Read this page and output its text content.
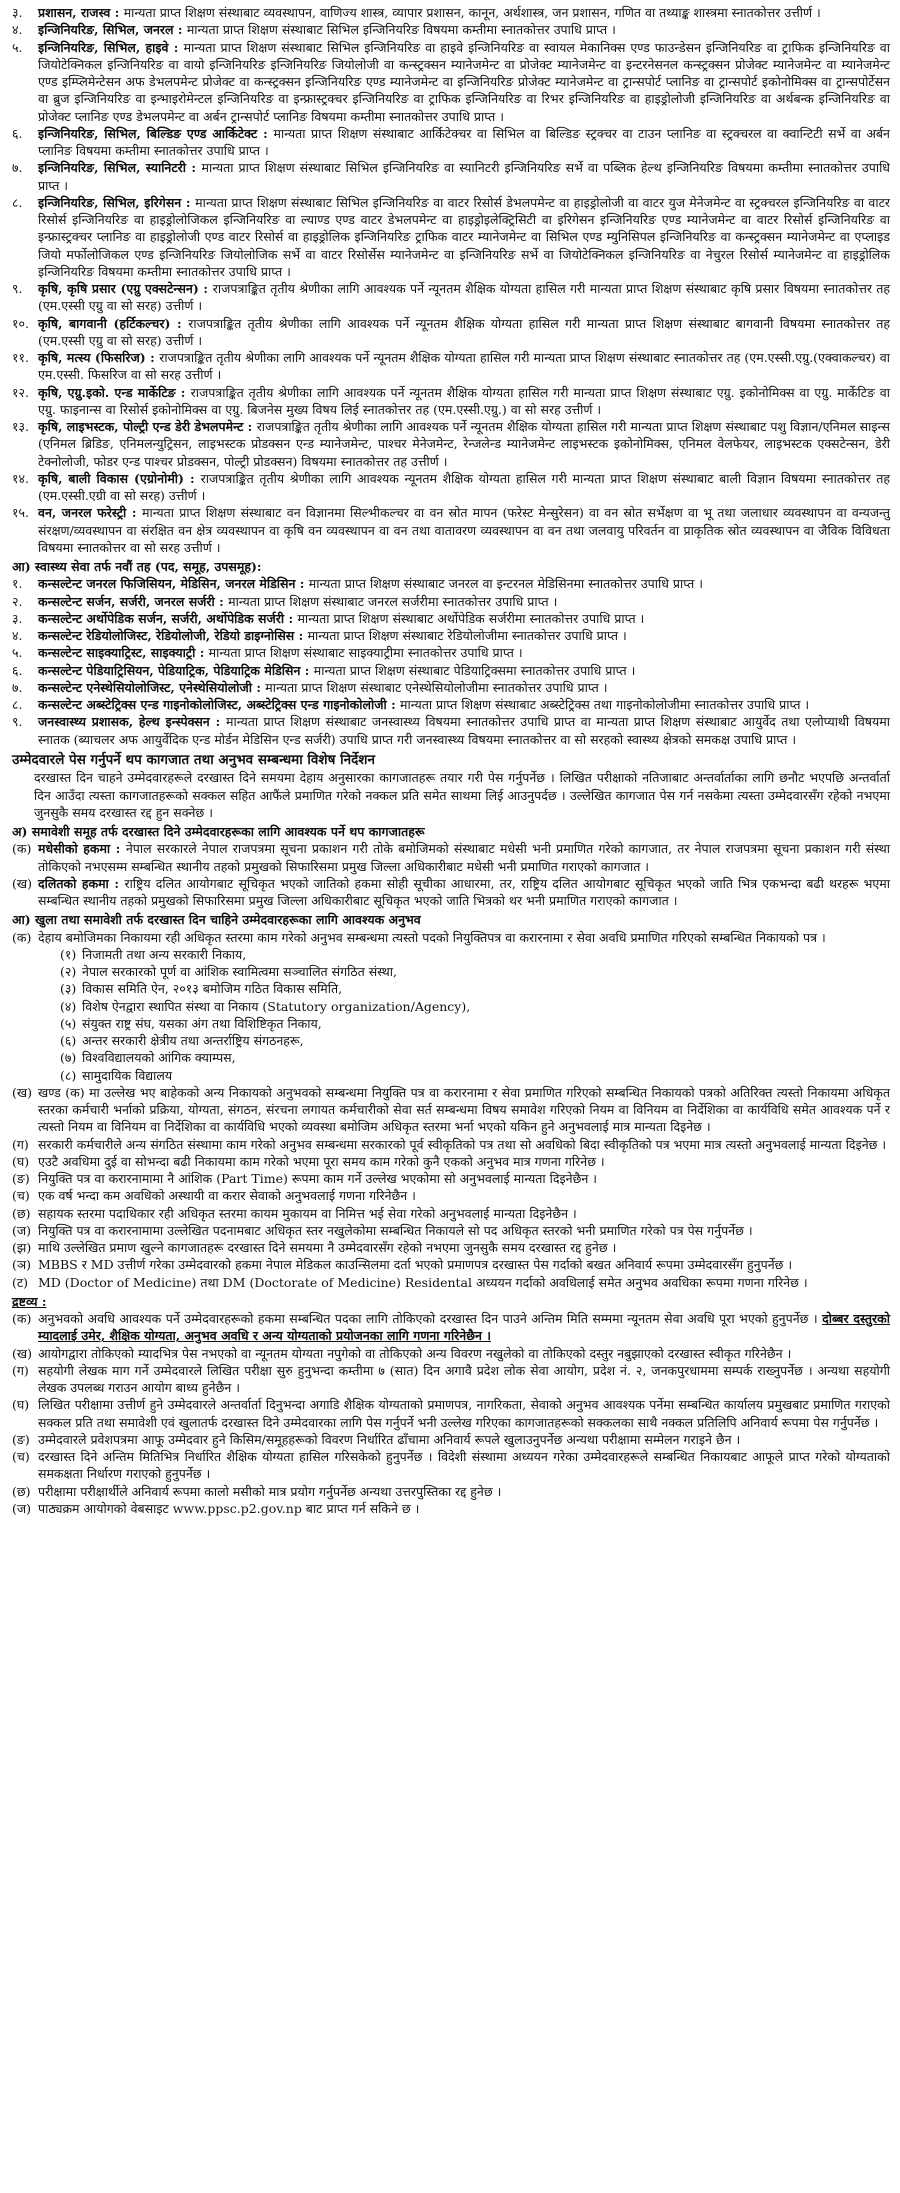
३.	प्रशासन, राजस्व : मान्यता प्राप्त शिक्षण संस्थाबाट व्यवस्थापन, वाणिज्य शास्त्र, व्यापार प्रशासन, कानून, अर्थशास्त्र, जन प्रशासन, गणित वा तथ्याङ्क शास्त्रमा स्नातकोत्तर उत्तीर्ण ।
४.	इन्जिनियरिङ, सिभिल, जनरल : मान्यता प्राप्त शिक्षण संस्थाबाट सिभिल इन्जिनियरिङ विषयमा कम्तीमा स्नातकोत्तर उपाधि प्राप्त ।
५.	इन्जिनियरिङ, सिभिल, हाइवे : मान्यता प्राप्त शिक्षण संस्थाबाट सिभिल इन्जिनियरिङ वा हाइवे इन्जिनियरिङ वा स्वायल मेकानिक्स एण्ड फाउन्डेसन इन्जिनियरिङ वा ट्राफिक इन्जिनियरिङ वा जियोटेक्निकल इन्जिनियरिङ वा वायो इन्जिनियरिङ इन्जिनियरिङ जियोलोजी वा कन्स्ट्रक्सन म्यानेजमेन्ट वा प्रोजेक्ट म्यानेजमेन्ट वा इन्टरनेसनल कन्स्ट्रक्सन प्रोजेक्ट म्यानेजमेन्ट वा म्यानेजमेन्ट एण्ड इम्प्लिमेन्टेसन अफ डेभलपमेन्ट प्रोजेक्ट वा कन्स्ट्रक्सन इन्जिनियरिङ एण्ड म्यानेजमेन्ट वा इन्जिनियरिङ प्रोजेक्ट म्यानेजमेन्ट वा ट्रान्सपोर्ट प्लानिङ वा ट्रान्सपोर्ट इकोनोमिक्स वा ट्रान्सपोर्टेसन वा ब्रुज इन्जिनियरिङ वा इन्भाइरोमेन्टल इन्जिनियरिङ वा इन्फ्रास्ट्रक्चर इन्जिनियरिङ वा ट्राफिक इन्जिनियरिङ वा रिभर इन्जिनियरिङ वा हाइड्रोलोजी इन्जिनियरिङ वा अर्थबन्क इन्जिनियरिङ वा प्रोजेक्ट प्लानिङ एण्ड डेभलपमेन्ट वा अर्बन ट्रान्सपोर्ट प्लानिङ विषयमा कम्तीमा स्नातकोत्तर उपाधि प्राप्त ।
६.	इन्जिनियरिङ, सिभिल, बिल्डिङ एण्ड आर्किटेक्ट : मान्यता प्राप्त शिक्षण संस्थाबाट आर्किटेक्चर वा सिभिल वा बिल्डिङ स्ट्रक्चर वा टाउन प्लानिङ वा स्ट्रक्चरल वा क्वान्टिटी सर्भे वा अर्बन प्लानिङ विषयमा कम्तीमा स्नातकोत्तर उपाधि प्राप्त ।
७.	इन्जिनियरिङ, सिभिल, स्यानिटरी : मान्यता प्राप्त शिक्षण संस्थाबाट सिभिल इन्जिनियरिङ वा स्यानिटरी इन्जिनियरिङ सर्भे वा पब्लिक हेल्थ इन्जिनियरिङ विषयमा कम्तीमा स्नातकोत्तर उपाधि प्राप्त ।
८.	इन्जिनियरिङ, सिभिल, इरिगेसन : मान्यता प्राप्त शिक्षण संस्थाबाट सिभिल इन्जिनियरिङ वा वाटर रिसोर्स डेभलपमेन्ट वा हाइड्रोलोजी वा वाटर युज मेनेजमेन्ट वा स्ट्रक्चरल इन्जिनियरिङ वा वाटर रिसोर्स इन्जिनियरिङ वा हाइड्रोलोजिकल इन्जिनियरिङ वा ल्याण्ड एण्ड वाटर डेभलपमेन्ट वा हाइड्रोइलेक्ट्रिसिटी वा इरिगेसन इन्जिनियरिङ एण्ड म्यानेजमेन्ट वा वाटर रिसोर्स इन्जिनियरिङ वा इन्फ्रास्ट्रक्चर प्लानिङ वा हाइड्रोलोजी एण्ड वाटर रिसोर्स वा हाइड्रोलिक इन्जिनियरिङ ट्राफिक वाटर म्यानेजमेन्ट वा सिभिल एण्ड म्युनिसिपल इन्जिनियरिङ वा कन्स्ट्रक्सन म्यानेजमेन्ट वा एप्लाइड जियो मर्फोलोजिकल एण्ड इन्जिनियरिङ जियोलोजिक सर्भे वा वाटर रिसोर्सेस म्यानेजमेन्ट वा इन्जिनियरिङ सर्भे वा जियोटेक्निकल इन्जिनियरिङ वा नेचुरल रिसोर्स म्यानेजमेन्ट वा हाइड्रोलिक इन्जिनियरिङ विषयमा कम्तीमा स्नातकोत्तर उपाधि प्राप्त ।
९.	कृषि, कृषि प्रसार (एग्रु एक्सटेन्सन) : राजपत्राङ्कित तृतीय श्रेणीका लागि आवश्यक पर्ने न्यूनतम शैक्षिक योग्यता हासिल गरी मान्यता प्राप्त शिक्षण संस्थाबाट कृषि प्रसार विषयमा स्नातकोत्तर तह (एम.एस्सी एग्रु वा सो सरह) उत्तीर्ण ।
१०. कृषि, बागवानी (हर्टिकल्चर) : राजपत्राङ्कित तृतीय श्रेणीका लागि आवश्यक पर्ने न्यूनतम शैक्षिक योग्यता हासिल गरी मान्यता प्राप्त शिक्षण संस्थाबाट बागवानी विषयमा स्नातकोत्तर तह (एम.एस्सी एग्रु वा सो सरह) उत्तीर्ण ।
११. कृषि, मत्स्य (फिसरिज) : राजपत्राङ्कित तृतीय श्रेणीका लागि आवश्यक पर्ने न्यूनतम शैक्षिक योग्यता हासिल गरी मान्यता प्राप्त शिक्षण संस्थाबाट स्नातकोत्तर तह (एम.एस्सी.एग्रु.(एक्वाकल्चर) वा एम.एस्सी. फिसरिज वा सो सरह उत्तीर्ण ।
१२. कृषि, एग्रु.इको. एन्ड मार्केटिङ : राजपत्राङ्कित तृतीय श्रेणीका लागि आवश्यक पर्ने न्यूनतम शैक्षिक योग्यता हासिल गरी मान्यता प्राप्त शिक्षण संस्थाबाट एग्रु. इकोनोमिक्स वा एग्रु. मार्केटिङ वा एग्रु. फाइनान्स वा रिसोर्स इकोनोमिक्स वा एग्रु. बिजनेस मुख्य विषय लिई स्नातकोत्तर तह (एम.एस्सी.एग्रु.) वा सो सरह उत्तीर्ण ।
१३. कृषि, लाइभस्टक, पोल्ट्री एन्ड डेरी डेभलपमेन्ट : राजपत्राङ्कित तृतीय श्रेणीका लागि आवश्यक पर्ने न्यूनतम शैक्षिक योग्यता हासिल गरी मान्यता प्राप्त शिक्षण संस्थाबाट पशु विज्ञान/एनिमल साइन्स (एनिमल ब्रिडिङ, एनिमलन्युट्रिसन, लाइभस्टक प्रोडक्सन एन्ड म्यानेजमेन्ट, पाश्चर मेनेजमेन्ट, रेन्जलेन्ड म्यानेजमेन्ट लाइभस्टक इकोनोमिक्स, एनिमल वेलफेयर, लाइभस्टक एक्सटेन्सन, डेरी टेक्नोलोजी, फोडर एन्ड पाश्चर प्रोडक्सन, पोल्ट्री प्रोडक्सन) विषयमा स्नातकोत्तर तह उत्तीर्ण ।
१४. कृषि, बाली विकास (एग्रोनोमी) : राजपत्राङ्कित तृतीय श्रेणीका लागि आवश्यक न्यूनतम शैक्षिक योग्यता हासिल गरी मान्यता प्राप्त शिक्षण संस्थाबाट बाली विज्ञान विषयमा स्नातकोत्तर तह (एम.एस्सी.एग्री वा सो सरह) उत्तीर्ण ।
१५. वन, जनरल फरेस्ट्री : मान्यता प्राप्त शिक्षण संस्थाबाट वन विज्ञानमा सिल्भीकल्चर वा वन स्रोत मापन (फरेस्ट मेन्सुरेसन) वा वन स्रोत सर्भेक्षण वा भू तथा जलाधार व्यवस्थापन वा वन्यजन्तु संरक्षण/व्यवस्थापन वा संरक्षित वन क्षेत्र व्यवस्थापन वा कृषि वन व्यवस्थापन वा वन तथा वातावरण व्यवस्थापन वा वन तथा जलवायु परिवर्तन वा प्राकृतिक स्रोत व्यवस्थापन वा जैविक विविधता विषयमा स्नातकोत्तर वा सो सरह उत्तीर्ण ।
आ) स्वास्थ्य सेवा तर्फ नवौं तह (पद, समूह, उपसमूह):
१.	कन्सल्टेन्ट जनरल फिजिसियन, मेडिसिन, जनरल मेडिसिन : मान्यता प्राप्त शिक्षण संस्थाबाट जनरल वा इन्टरनल मेडिसिनमा स्नातकोत्तर उपाधि प्राप्त ।
२.	कन्सल्टेन्ट सर्जन, सर्जरी, जनरल सर्जरी : मान्यता प्राप्त शिक्षण संस्थाबाट जनरल सर्जरीमा स्नातकोत्तर उपाधि प्राप्त ।
३.	कन्सल्टेन्ट अर्थोपेडिक सर्जन, सर्जरी, अर्थोपेडिक सर्जरी : मान्यता प्राप्त शिक्षण संस्थाबाट अर्थोपेडिक सर्जरीमा स्नातकोत्तर उपाधि प्राप्त ।
४.	कन्सल्टेन्ट रेडियोलोजिस्ट, रेडियोलोजी, रेडियो डाइग्नोसिस : मान्यता प्राप्त शिक्षण संस्थाबाट रेडियोलोजीमा स्नातकोत्तर उपाधि प्राप्त ।
५.	कन्सल्टेन्ट साइक्याट्रिस्ट, साइक्याट्री : मान्यता प्राप्त शिक्षण संस्थाबाट साइक्याट्रीमा स्नातकोत्तर उपाधि प्राप्त ।
६.	कन्सल्टेन्ट पेडियाट्रिसियन, पेडियाट्रिक, पेडियाट्रिक मेडिसिन : मान्यता प्राप्त शिक्षण संस्थाबाट पेडियाट्रिक्समा स्नातकोत्तर उपाधि प्राप्त ।
७.	कन्सल्टेन्ट एनेस्थेसियोलोजिस्ट, एनेस्थेसियोलोजी : मान्यता प्राप्त शिक्षण संस्थाबाट एनेस्थेसियोलोजीमा स्नातकोत्तर उपाधि प्राप्त ।
८.	कन्सल्टेन्ट अब्स्टेट्रिक्स एन्ड गाइनोकोलोजिस्ट, अब्स्टेट्रिक्स एन्ड गाइनोकोलोजी : मान्यता प्राप्त शिक्षण संस्थाबाट अब्स्टेट्रिक्स तथा गाइनोकोलोजीमा स्नातकोत्तर उपाधि प्राप्त ।
९.	जनस्वास्थ्य प्रशासक, हेल्थ इन्स्पेक्सन : मान्यता प्राप्त शिक्षण संस्थाबाट जनस्वास्थ्य विषयमा स्नातकोत्तर उपाधि प्राप्त वा मान्यता प्राप्त शिक्षण संस्थाबाट आयुर्वेद तथा एलोप्याथी विषयमा स्नातक (ब्याचलर अफ आयुर्वेदिक एन्ड मोर्डन मेडिसिन एन्ड सर्जरी) उपाधि प्राप्त गरी जनस्वास्थ्य विषयमा स्नातकोत्तर वा सो सरहको स्वास्थ्य क्षेत्रको समकक्ष उपाधि प्राप्त ।
उम्मेदवारले पेस गर्नुपर्ने थप कागजात तथा अनुभव सम्बन्धमा विशेष निर्देशन
दरखास्त दिन चाहने उम्मेदवारहरूले दरखास्त दिने समयमा देहाय अनुसारका कागजातहरू तयार गरी पेस गर्नुपर्नेछ । लिखित परीक्षाको नतिजाबाट अन्तर्वार्ताका लागि छनौट भएपछि अन्तर्वार्ता दिन आउँदा त्यस्ता कागजातहरूको सक्कल सहित आफैंले प्रमाणित गरेको नक्कल प्रति समेत साथमा लिई आउनुपर्दछ । उल्लेखित कागजात पेस गर्न नसकेमा त्यस्ता उम्मेदवारसँग रहेको नभएमा जुनसुकै समय दरखास्त रद्द हुन सक्नेछ ।
अ) समावेशी समूह तर्फ दरखास्त दिने उम्मेदवारहरूका लागि आवश्यक पर्ने थप कागजातहरू
(क) मधेसीको हकमा : नेपाल सरकारले नेपाल राजपत्रमा सूचना प्रकाशन गरी तोके बमोजिमको संस्थाबाट मधेसी भनी प्रमाणित गरेको कागजात, तर नेपाल राजपत्रमा सूचना प्रकाशन गरी संस्था तोकिएको नभएसम्म सम्बन्धित स्थानीय तहको प्रमुखको सिफारिसमा प्रमुख जिल्ला अधिकारीबाट मधेसी भनी प्रमाणित गराएको कागजात ।
(ख) दलितको हकमा : राष्ट्रिय दलित आयोगबाट सूचिकृत भएको जातिको हकमा सोही सूचीका आधारमा, तर, राष्ट्रिय दलित आयोगबाट सूचिकृत भएको जाति भित्र एकभन्दा बढी थरहरू भएमा सम्बन्धित स्थानीय तहको प्रमुखको सिफारिसमा प्रमुख जिल्ला अधिकारीबाट सूचिकृत भएको जाति भित्रको थर भनी प्रमाणित गराएको कागजात ।
आ) खुला तथा समावेशी तर्फ दरखास्त दिन चाहिने उम्मेदवारहरूका लागि आवश्यक अनुभव
(क) देहाय बमोजिमका निकायमा रही अधिकृत स्तरमा काम गरेको अनुभव सम्बन्धमा त्यस्तो पदको नियुक्तिपत्र वा करारनामा र सेवा अवधि प्रमाणित गरिएको सम्बन्धित निकायको पत्र ।
(१) निजामती तथा अन्य सरकारी निकाय,
(२) नेपाल सरकारको पूर्ण वा आंशिक स्वामित्वमा सञ्चालित संगठित संस्था,
(३) विकास समिति ऐन, २०१३ बमोजिम गठित विकास समिति,
(४) विशेष ऐनद्वारा स्थापित संस्था वा निकाय (Statutory organization/Agency),
(५) संयुक्त राष्ट्र संघ, यसका अंग तथा विशिष्टिकृत निकाय,
(६) अन्तर सरकारी क्षेत्रीय तथा अन्तर्राष्ट्रिय संगठनहरू,
(७) विश्वविद्यालयको आंगिक क्याम्पस,
(८) सामुदायिक विद्यालय
(ख) खण्ड (क) मा उल्लेख भए बाहेकको अन्य निकायको अनुभवको सम्बन्धमा नियुक्ति पत्र वा करारनामा र सेवा प्रमाणित गरिएको सम्बन्धित निकायको पत्रको अतिरिक्त त्यस्तो निकायमा अधिकृत स्तरका कर्मचारी भर्नाको प्रक्रिया, योग्यता, संगठन, संरचना लगायत कर्मचारीको सेवा सर्त सम्बन्धमा विषय समावेश गरिएको नियम वा विनियम वा निर्देशिका वा कार्यविधि समेत आवश्यक पर्ने र त्यस्तो नियम वा विनियम वा निर्देशिका वा कार्यविधि भएको व्यवस्था बमोजिम अधिकृत स्तरमा भर्ना भएको यकिन हुने अनुभवलाई मात्र मान्यता दिइनेछ ।
(ग) सरकारी कर्मचारीले अन्य संगठित संस्थामा काम गरेको अनुभव सम्बन्धमा सरकारको पूर्व स्वीकृतिको पत्र तथा सो अवधिको बिदा स्वीकृतिको पत्र भएमा मात्र त्यस्तो अनुभवलाई मान्यता दिइनेछ ।
(घ) एउटै अवधिमा दुई वा सोभन्दा बढी निकायमा काम गरेको भएमा पूरा समय काम गरेको कुनै एकको अनुभव मात्र गणना गरिनेछ ।
(ङ) नियुक्ति पत्र वा करारनामामा नै आंशिक (Part Time) रूपमा काम गर्ने उल्लेख भएकोमा सो अनुभवलाई मान्यता दिइनेछैन ।
(च) एक वर्ष भन्दा कम अवधिको अस्थायी वा करार सेवाको अनुभवलाई गणना गरिनेछैन ।
(छ) सहायक स्तरमा पदाधिकार रही अधिकृत स्तरमा कायम मुकायम वा निमित्त भई सेवा गरेको अनुभवलाई मान्यता दिइनेछैन ।
(ज) नियुक्ति पत्र वा करारनामामा उल्लेखित पदनामबाट अधिकृत स्तर नखुलेकोमा सम्बन्धित निकायले सो पद अधिकृत स्तरको भनी प्रमाणित गरेको पत्र पेस गर्नुपर्नेछ ।
(झ) माथि उल्लेखित प्रमाण खुल्ने कागजातहरू दरखास्त दिने समयमा नै उम्मेदवारसँग रहेको नभएमा जुनसुकै समय दरखास्त रद्द हुनेछ ।
(ञ) MBBS र MD उत्तीर्ण गरेका उम्मेदवारको हकमा नेपाल मेडिकल काउन्सिलमा दर्ता भएको प्रमाणपत्र दरखास्त पेस गर्दाको बखत अनिवार्य रूपमा उम्मेदवारसँग हुनुपर्नेछ ।
(ट) MD (Doctor of Medicine) तथा DM (Doctorate of Medicine) Residental अध्ययन गर्दाको अवधिलाई समेत अनुभव अवधिका रूपमा गणना गरिनेछ ।
द्रष्टव्य :
(क) अनुभवको अवधि आवश्यक पर्ने उम्मेदवारहरूको हकमा सम्बन्धित पदका लागि तोकिएको दरखास्त दिन पाउने अन्तिम मिति सम्ममा न्यूनतम सेवा अवधि पूरा भएको हुनुपर्नेछ । दोब्बर दस्तुरको म्यादलाई उमेर, शैक्षिक योग्यता, अनुभव अवधि र अन्य योग्यताको प्रयोजनका लागि गणना गरिनेछैन ।
(ख) आयोगद्वारा तोकिएको म्यादभित्र पेस नभएको वा न्यूनतम योग्यता नपुगेको वा तोकिएको अन्य विवरण नखुलेको वा तोकिएको दस्तुर नबुझाएको दरखास्त स्वीकृत गरिनेछैन ।
(ग) सहयोगी लेखक माग गर्ने उम्मेदवारले लिखित परीक्षा सुरु हुनुभन्दा कम्तीमा ७ (सात) दिन अगावै प्रदेश लोक सेवा आयोग, प्रदेश नं. २, जनकपुरधाममा सम्पर्क राख्नुपर्नेछ । अन्यथा सहयोगी लेखक उपलब्ध गराउन आयोग बाध्य हुनेछैन ।
(घ) लिखित परीक्षामा उत्तीर्ण हुने उम्मेदवारले अन्तर्वार्ता दिनुभन्दा अगाडि शैक्षिक योग्यताको प्रमाणपत्र, नागरिकता, सेवाको अनुभव आवश्यक पर्नेमा सम्बन्धित कार्यालय प्रमुखबाट प्रमाणित गराएको सक्कल प्रति तथा समावेशी एवं खुलातर्फ दरखास्त दिने उम्मेदवारका लागि पेस गर्नुपर्ने भनी उल्लेख गरिएका कागजातहरूको सक्कलका साथै नक्कल प्रतिलिपि अनिवार्य रूपमा पेस गर्नुपर्नेछ ।
(ङ) उम्मेदवारले प्रवेशपत्रमा आफू उम्मेदवार हुने किसिम/समूहहरूको विवरण निर्धारित ढाँचामा अनिवार्य रूपले खुलाउनुपर्नेछ अन्यथा परीक्षामा सम्मेलन गराइने छैन ।
(च) दरखास्त दिने अन्तिम मितिभित्र निर्धारित शैक्षिक योग्यता हासिल गरिसकेको हुनुपर्नेछ । विदेशी संस्थामा अध्ययन गरेका उम्मेदवारहरूले सम्बन्धित निकायबाट आफूले प्राप्त गरेको योग्यताको समकक्षता निर्धारण गराएको हुनुपर्नेछ ।
(छ) परीक्षामा परीक्षार्थीले अनिवार्य रूपमा कालो मसीको मात्र प्रयोग गर्नुपर्नेछ अन्यथा उत्तरपुस्तिका रद्द हुनेछ ।
(ज) पाठ्यक्रम आयोगको वेबसाइट www.ppsc.p2.gov.np बाट प्राप्त गर्न सकिने छ ।
